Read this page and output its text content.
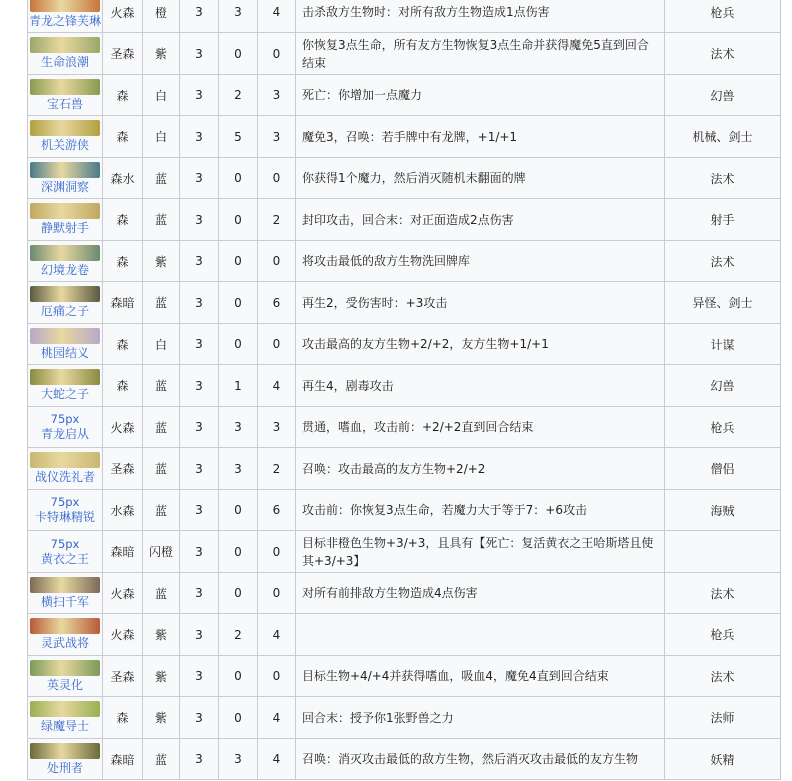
青龙之锋芙琳	火森	橙	3	3	4	击杀敌方生物时：对所有敌方生物造成1点伤害	枪兵

生命浪潮	圣森	紫	3	0	0	你恢复3点生命，所有友方生物恢复3点生命并获得魔免5直到回合结束	法术

宝石兽	森	白	3	2	3	死亡：你增加一点魔力	幻兽

机关游侠	森	白	3	5	3	魔免3，召唤：若手牌中有龙牌，+1/+1	机械、剑士

深渊洞察	森水	蓝	3	0	0	你获得1个魔力，然后消灭随机未翻面的牌	法术

静默射手	森	蓝	3	0	2	封印攻击，回合末：对正面造成2点伤害	射手

幻境龙卷	森	紫	3	0	0	将攻击最低的敌方生物洗回牌库	法术

厄痛之子	森暗	蓝	3	0	6	再生2，受伤害时：+3攻击	异怪、剑士

桃园结义	森	白	3	0	0	攻击最高的友方生物+2/+2，友方生物+1/+1	计谋

大蛇之子	森	蓝	3	1	4	再生4，剧毒攻击	幻兽

75px
青龙启从	火森	蓝	3	3	3	贯通，嗜血，攻击前：+2/+2直到回合结束	枪兵

战仪洗礼者	圣森	蓝	3	3	2	召唤：攻击最高的友方生物+2/+2	僧侣

75px
卡特琳精锐	水森	蓝	3	0	6	攻击前：你恢复3点生命，若魔力大于等于7：+6攻击	海贼

75px
黄衣之王	森暗	闪橙	3	0	0	目标非橙色生物+3/+3，且具有【死亡：复活黄衣之王哈斯塔且使其+3/+3】	

横扫千军	火森	蓝	3	0	0	对所有前排敌方生物造成4点伤害	法术

灵武战将	火森	紫	3	2	4		枪兵

英灵化	圣森	紫	3	0	0	目标生物+4/+4并获得嗜血，吸血4，魔免4直到回合结束	法术

绿魔导士	森	紫	3	0	4	回合末：授予你1张野兽之力	法师

处刑者	森暗	蓝	3	3	4	召唤：消灭攻击最低的敌方生物，然后消灭攻击最低的友方生物	妖精
